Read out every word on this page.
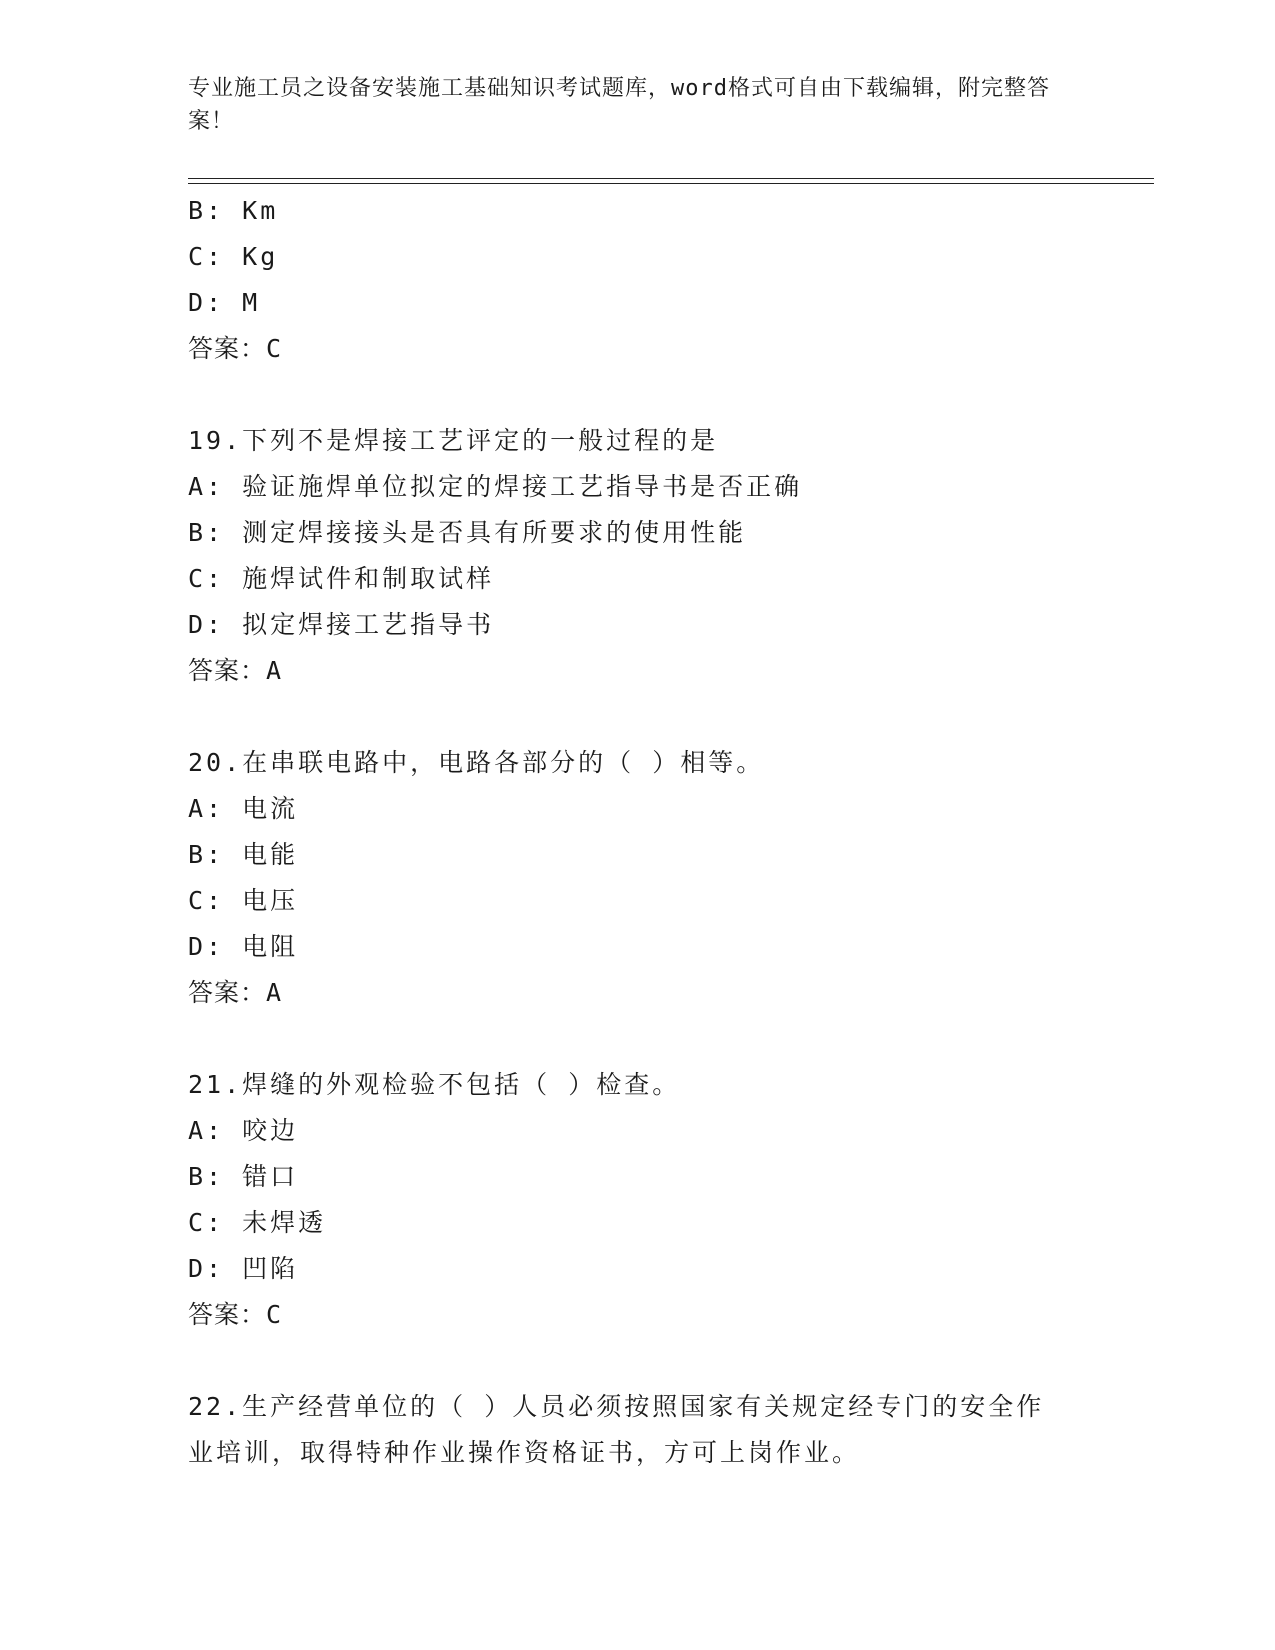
专业施工员之设备安装施工基础知识考试题库，word格式可自由下载编辑，附完整答案！
B: Km
C: Kg
D: M
答案：C
19.下列不是焊接工艺评定的一般过程的是
A: 验证施焊单位拟定的焊接工艺指导书是否正确
B: 测定焊接接头是否具有所要求的使用性能
C: 施焊试件和制取试样
D: 拟定焊接工艺指导书
答案：A
20.在串联电路中，电路各部分的（ ）相等。
A: 电流
B: 电能
C: 电压
D: 电阻
答案：A
21.焊缝的外观检验不包括（ ）检查。
A: 咬边
B: 错口
C: 未焊透
D: 凹陷
答案：C
22.生产经营单位的（ ）人员必须按照国家有关规定经专门的安全作
业培训，取得特种作业操作资格证书，方可上岗作业。
